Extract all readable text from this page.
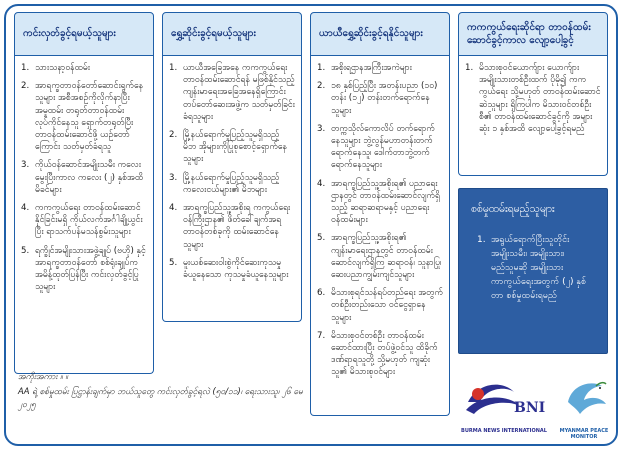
ကင်းလှတ်ခွင့်ရမယ့်သူများ
1. သားသနာ့ဝန်ထမ်း
2. အာရက္ခတာဝန်တော်ဆောင်းရွက်နေသူများ အစီအစဉ်ကိုလိုက်နာပြီးအမှုထမ်း တရုတ်တာဝန်ထမ်းလုပ်ကိုင်နေသူ ရှောက်တရုတ်ပြီး တာဝန်ထမ်းဆောင်ဖို့ ယဉ်တော်ကြောင်း သတ်မှတ်ခံရသူ
3. ကိုယ်ဝန်ဆောင်အမျိုးသမီး ကလေးမွေးပြီးကာလ ကလေး (၂) နှစ်အထိ မိခင်များ
4. ကကကွယ်ရေး တာဝန်ထမ်းဆောင်နိုင်ခြင်းမရှိ ကိုယ်လက်အင်္ဂါချို့ယွင်းပြီး ရာသက်ပန်မသန်စွမ်းသူများ
5. ရက္ခိုင်အမျိုးသားအဖွဲ့ချုပ် (ဗဟို) နှင့် အာရက္ခတာဝန်တော် စစ်ရုံးချုပ်က အမိန့်ထုတ်ပြန်ပြီး ကင်းလှတ်ခွင့်ပြုသူများ
ရွှေ့ဆိုင်းခွင့်ရမယ့်သူများ
1. ယာယီအခြေအနေ ကကကွယ်ရေးတာဝန်ထမ်းဆောင်ရန် မဖြစ်နိုင်သည့် ကျန်းမာရေးအခြေအနေရှိကြောင်း တပ်တော်ဆေးအဖွဲ့က သတ်မှတ်ခြင်း ခံရသူများ
2. မြို့နယ်ရောက်မှုပြည့်သူမရှိသည့် မိဘ အိုများကိုပြုစုစောင့်ရှောက်နေသူများ
3. မြို့နယ်ရောက်မှုပြည့်သူမရှိသည့် ကလေးငယ်များ၏ မိဘများ
4. အာရက္ခပြည်သူ့အစိုးရ ကကွယ်ရေးဝန်ကြီးဌာန၏ ဖိတ်ခေါ်ချက်အရ တာဝန်တစ်ခုကို ထမ်းဆောင်နေသူများ
5. မူးယစ်ဆေးဝါးစွဲကိုင်ဆေးကုသမှု ခံယူနေသော ကုသမှုခံယူနေသူများ
ယာယီရွှေ့ဆိုင်းခွင့်ရနိုင်သူများ
1. အစိုးရဌာနအကြီးအကဲများ
2. ၁၈ နှစ်ပြည့်ပြီး အတန်းပညာ (၁၀) တန်း (၁၂) တန်းတက်ရောက်နေသူများ
3. တက္ကသိုလ်ကောလိပ် တက်ရောက်နေသူများ ဘွဲ့လွန်မဟာတန်းတက်ရောက်နေသူ၊ ဒေါက်တာဘွဲ့တက်ရောက်နေသူများ
4. အာရက္ခပြည်သူ့အစိုးရ၏ ပညာရေးဌာနတွင် တာဝန်ထမ်းဆောင်လျက်ရှိသည့် ဆရာဆရာမနှင့် ပညာရေးဝန်ထမ်းများ
5. အာရက္ခပြည်သူ့အစိုးရ၏ ကျန်းမာရေးဌာနတွင် တာဝန်ထမ်းဆောင်လျက်ရှိကြ ဆရာဝန်၊ သူနာပြု၊ ဆေးပညာကျွမ်းကျင်သူများ
6. မိသားစုရင်သန်ရပ်တည်ရေး အတွက် တစ်ဦးတည်းသော ဝင်ငွေရှာနေသူများ
7. မိသားစုဝင်တစ်ဦး တာဝန်ထမ်းဆောင်ထားပြီး တပ်ဖွဲ့ဝင်သူ ထိခိုက်ဒဏ်ရာရသူတို့ သို့မဟုတ် ကျဆုံးသူ၏ မိသားစုဝင်များ
ကကကွယ်ရေးဆိုင်ရာ တာဝန်ထမ်းဆောင်ခွင့်ကာလ လျော့ပေါ့ခွင့်
1. မိသားစုဝင်ယောက်ျား ယောက်ျားအမျိုးသားတစ်ဦးထက် ပိုမို၍ ကကကွယ်ရေး သို့မဟုတ် တာဝန်ထမ်းဆောင်ဆဲသူများ ရှိကြပါက မိသားဝင်တစ်ဦးစီ၏ တာဝန်ထမ်းဆောင်ခွင့်ကို အများဆုံး ၁ နှစ်အထိ လျော့ပေါ့ခွင့်ရမည်
စစ်မှုထမ်းရမည့်သူများ
1. အရွယ်ရောက်ပြီးသူတိုင်း အမျိုးသမီး၊ အမျိုးသား၊ မည်သူမဆို အမျိုးသားကာကွယ်ရေးအတွက် (၂) နှစ်တာ စစ်မှုထမ်းရမည်
အကိုးအကား ။ ။
AA ရဲ့ စစ်မှုထမ်း ပြဋ္ဌာန်းချက်မှာ ဘယ်သူတွေ ကင်းလှတ်ခွင့်ရလဲ (၅၀/၁၁)၊ ရေးသားသူ၊ ၂၆ မေ ၂၀၂၅	BNI
BURMA NEWS INTERNATIONAL	MYANMAR PEACE MONITOR
